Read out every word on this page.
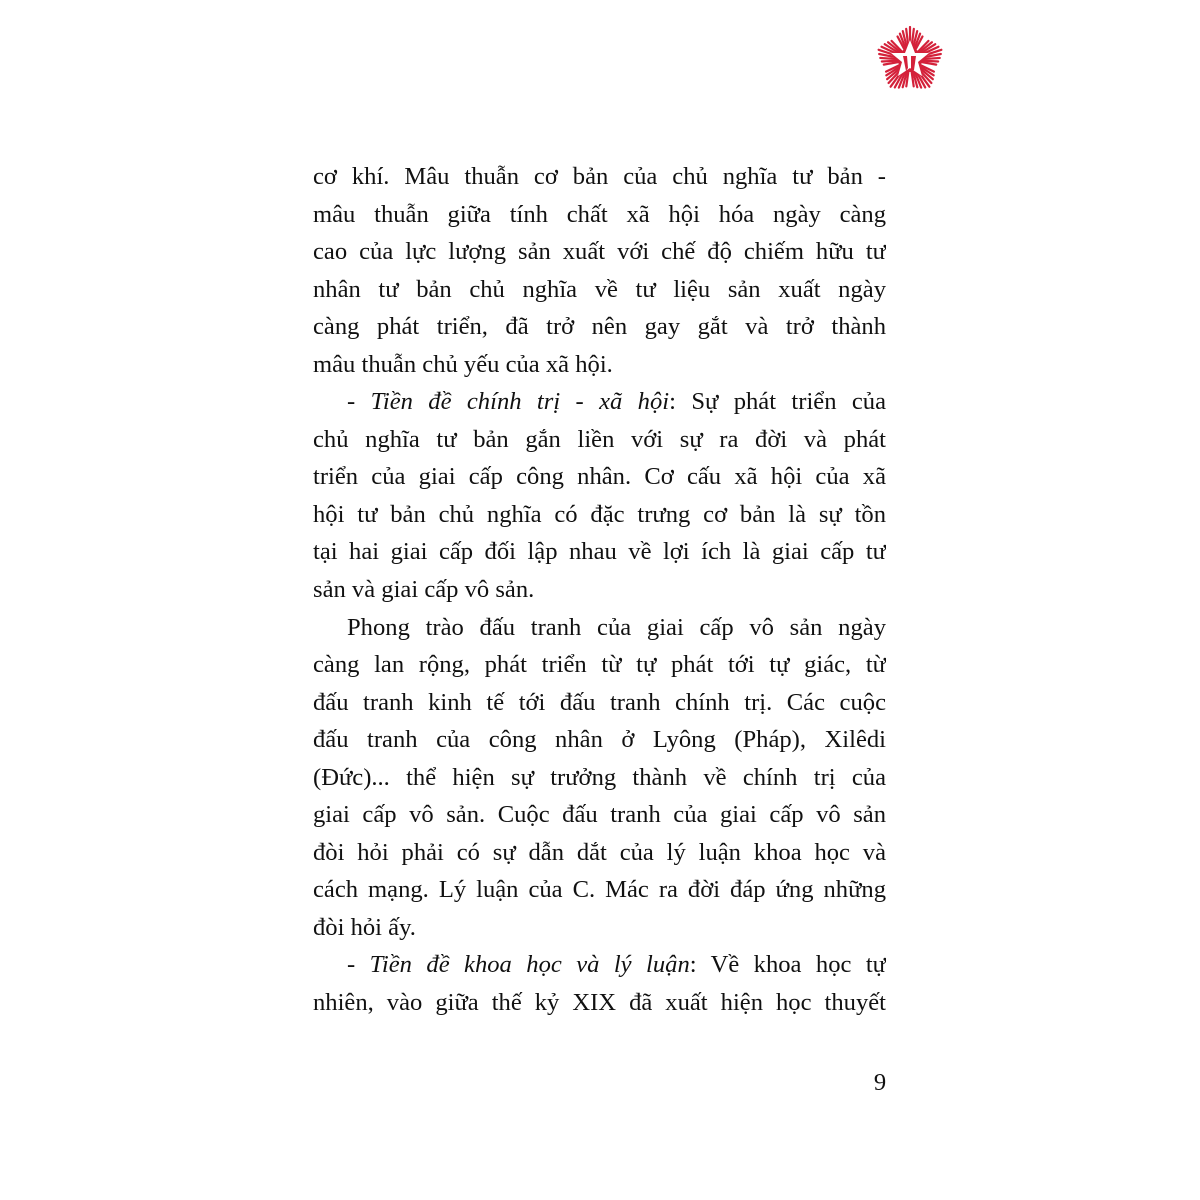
cơ khí. Mâu thuẫn cơ bản của chủ nghĩa tư bản -
mâu thuẫn giữa tính chất xã hội hóa ngày càng
cao của lực lượng sản xuất với chế độ chiếm hữu tư
nhân tư bản chủ nghĩa về tư liệu sản xuất ngày
càng phát triển, đã trở nên gay gắt và trở thành
mâu thuẫn chủ yếu của xã hội.
- Tiền đề chính trị - xã hội: Sự phát triển của
chủ nghĩa tư bản gắn liền với sự ra đời và phát
triển của giai cấp công nhân. Cơ cấu xã hội của xã
hội tư bản chủ nghĩa có đặc trưng cơ bản là sự tồn
tại hai giai cấp đối lập nhau về lợi ích là giai cấp tư
sản và giai cấp vô sản.
Phong trào đấu tranh của giai cấp vô sản ngày
càng lan rộng, phát triển từ tự phát tới tự giác, từ
đấu tranh kinh tế tới đấu tranh chính trị. Các cuộc
đấu tranh của công nhân ở Lyông (Pháp), Xilêdi
(Đức)... thể hiện sự trưởng thành về chính trị của
giai cấp vô sản. Cuộc đấu tranh của giai cấp vô sản
đòi hỏi phải có sự dẫn dắt của lý luận khoa học và
cách mạng. Lý luận của C. Mác ra đời đáp ứng những
đòi hỏi ấy.
- Tiền đề khoa học và lý luận: Về khoa học tự
nhiên, vào giữa thế kỷ XIX đã xuất hiện học thuyết
9
